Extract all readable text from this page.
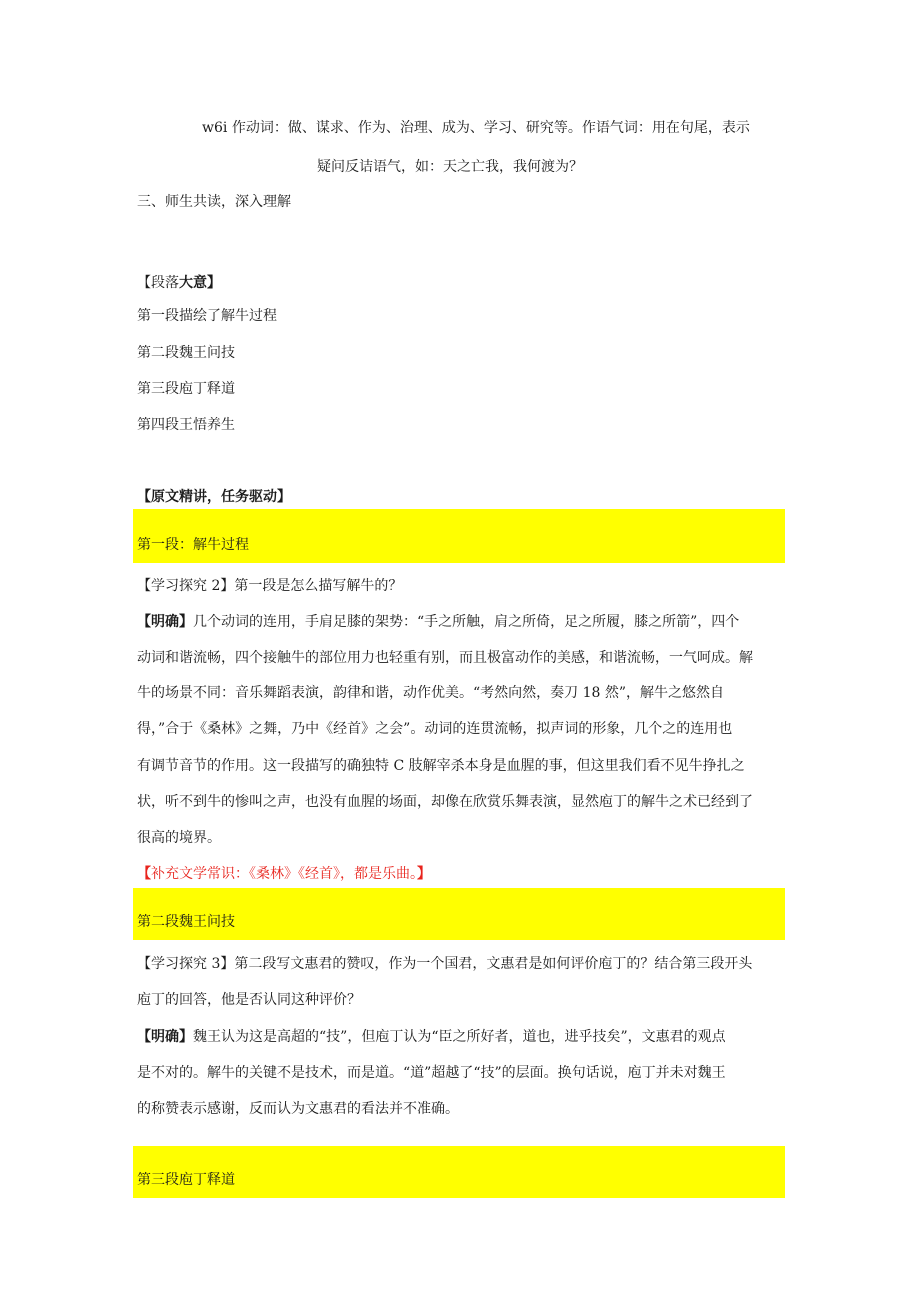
w6i 作动词：做、谋求、作为、治理、成为、学习、研究等。作语气词：用在句尾，表示
疑问反诘语气，如：天之亡我，我何渡为？
三、师生共读，深入理解
【段落大意】
第一段描绘了解牛过程
第二段魏王问技
第三段庖丁释道
第四段王悟养生
【原文精讲，任务驱动】
第一段：解牛过程
【学习探究 2】第一段是怎么描写解牛的？
【明确】几个动词的连用，手肩足膝的架势：“手之所触，肩之所倚，足之所履，膝之所箭”，四个
动词和谐流畅，四个接触牛的部位用力也轻重有别，而且极富动作的美感，和谐流畅，一气呵成。解
牛的场景不同：音乐舞蹈表演，韵律和谐，动作优美。“考然向然，奏刀 18 然”，解牛之悠然自
得，”合于《桑林》之舞，乃中《经首》之会”。动词的连贯流畅，拟声词的形象，几个之的连用也
有调节音节的作用。这一段描写的确独特 C 肢解宰杀本身是血腥的事，但这里我们看不见牛挣扎之
状，听不到牛的惨叫之声，也没有血腥的场面，却像在欣赏乐舞表演，显然庖丁的解牛之术已经到了
很高的境界。
【补充文学常识：《桑林》《经首》，都是乐曲。】
第二段魏王问技
【学习探究 3】第二段写文惠君的赞叹，作为一个国君，文惠君是如何评价庖丁的？结合第三段开头
庖丁的回答，他是否认同这种评价？
【明确】魏王认为这是高超的“技”，但庖丁认为“臣之所好者，道也，进乎技矣”，文惠君的观点
是不对的。解牛的关键不是技术，而是道。“道”超越了“技”的层面。换句话说，庖丁并未对魏王
的称赞表示感谢，反而认为文惠君的看法并不准确。
第三段庖丁释道
